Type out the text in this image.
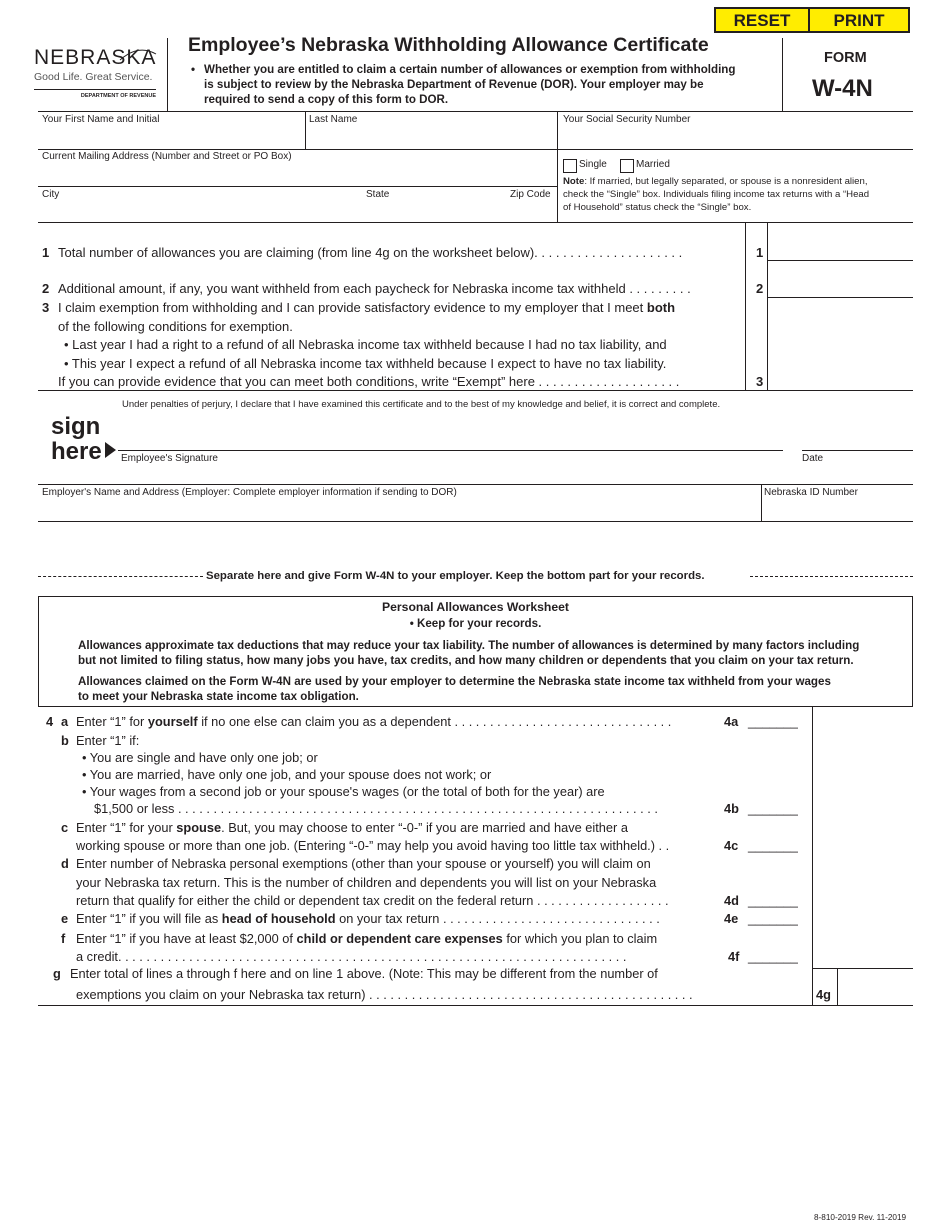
RESET	PRINT
NEBRASKA
Good Life. Great Service.
DEPARTMENT OF REVENUE
Employee’s Nebraska Withholding Allowance Certificate
• Whether you are entitled to claim a certain number of allowances or exemption from withholding
is subject to review by the Nebraska Department of Revenue (DOR). Your employer may be
required to send a copy of this form to DOR.
FORM
W-4N
Your First Name and Initial	Last Name	Your Social Security Number
Current Mailing Address (Number and Street or PO Box)
City	State	Zip Code
Single	Married
Note: If married, but legally separated, or spouse is a nonresident alien,
check the “Single” box. Individuals filing income tax returns with a “Head
of Household” status check the “Single” box.
1 Total number of allowances you are claiming (from line 4g on the worksheet below). . . . . . . . . . . . . . . . . . . . .	1
2 Additional amount, if any, you want withheld from each paycheck for Nebraska income tax withheld . . . . . . . . .	2
3 I claim exemption from withholding and I can provide satisfactory evidence to my employer that I meet both
of the following conditions for exemption.
• Last year I had a right to a refund of all Nebraska income tax withheld because I had no tax liability, and
• This year I expect a refund of all Nebraska income tax withheld because I expect to have no tax liability.
If you can provide evidence that you can meet both conditions, write “Exempt” here . . . . . . . . . . . . . . . . . . . .	3
Under penalties of perjury, I declare that I have examined this certificate and to the best of my knowledge and belief, it is correct and complete.
sign
here Employee's Signature	Date
Employer's Name and Address (Employer: Complete employer information if sending to DOR)	Nebraska ID Number
Separate here and give Form W-4N to your employer. Keep the bottom part for your records.
Personal Allowances Worksheet
• Keep for your records.
Allowances approximate tax deductions that may reduce your tax liability. The number of allowances is determined by many factors including
but not limited to filing status, how many jobs you have, tax credits, and how many children or dependents that you claim on your tax return.
Allowances claimed on the Form W-4N are used by your employer to determine the Nebraska state income tax withheld from your wages
to meet your Nebraska state income tax obligation.
4 a Enter “1” for yourself if no one else can claim you as a dependent . . . . . . . . . . . . . . . . . . . . . . . . . . . . . . .	4a _______
b Enter “1” if:
• You are single and have only one job; or
• You are married, have only one job, and your spouse does not work; or
• Your wages from a second job or your spouse's wages (or the total of both for the year) are
$1,500 or less . . . . . . . . . . . . . . . . . . . . . . . . . . . . . . . . . . . . . . . . . . . . . . . . . . . . . . . . . . . . . . . . . . . .	4b _______
c Enter “1” for your spouse. But, you may choose to enter “-0-” if you are married and have either a
working spouse or more than one job. (Entering “-0-” may help you avoid having too little tax withheld.) . .	4c _______
d Enter number of Nebraska personal exemptions (other than your spouse or yourself) you will claim on
your Nebraska tax return. This is the number of children and dependents you will list on your Nebraska
return that qualify for either the child or dependent tax credit on the federal return . . . . . . . . . . . . . . . . . . .	4d _______
e Enter “1” if you will file as head of household on your tax return . . . . . . . . . . . . . . . . . . . . . . . . . . . . . . .	4e _______
f Enter “1” if you have at least $2,000 of child or dependent care expenses for which you plan to claim
a credit. . . . . . . . . . . . . . . . . . . . . . . . . . . . . . . . . . . . . . . . . . . . . . . . . . . . . . . . . . . . . . . . . . . . . . . .	4f _______
g Enter total of lines a through f here and on line 1 above. (Note: This may be different from the number of
exemptions you claim on your Nebraska tax return) . . . . . . . . . . . . . . . . . . . . . . . . . . . . . . . . . . . . . . . . . . . . . .	4g
8-810-2019 Rev. 11-2019
